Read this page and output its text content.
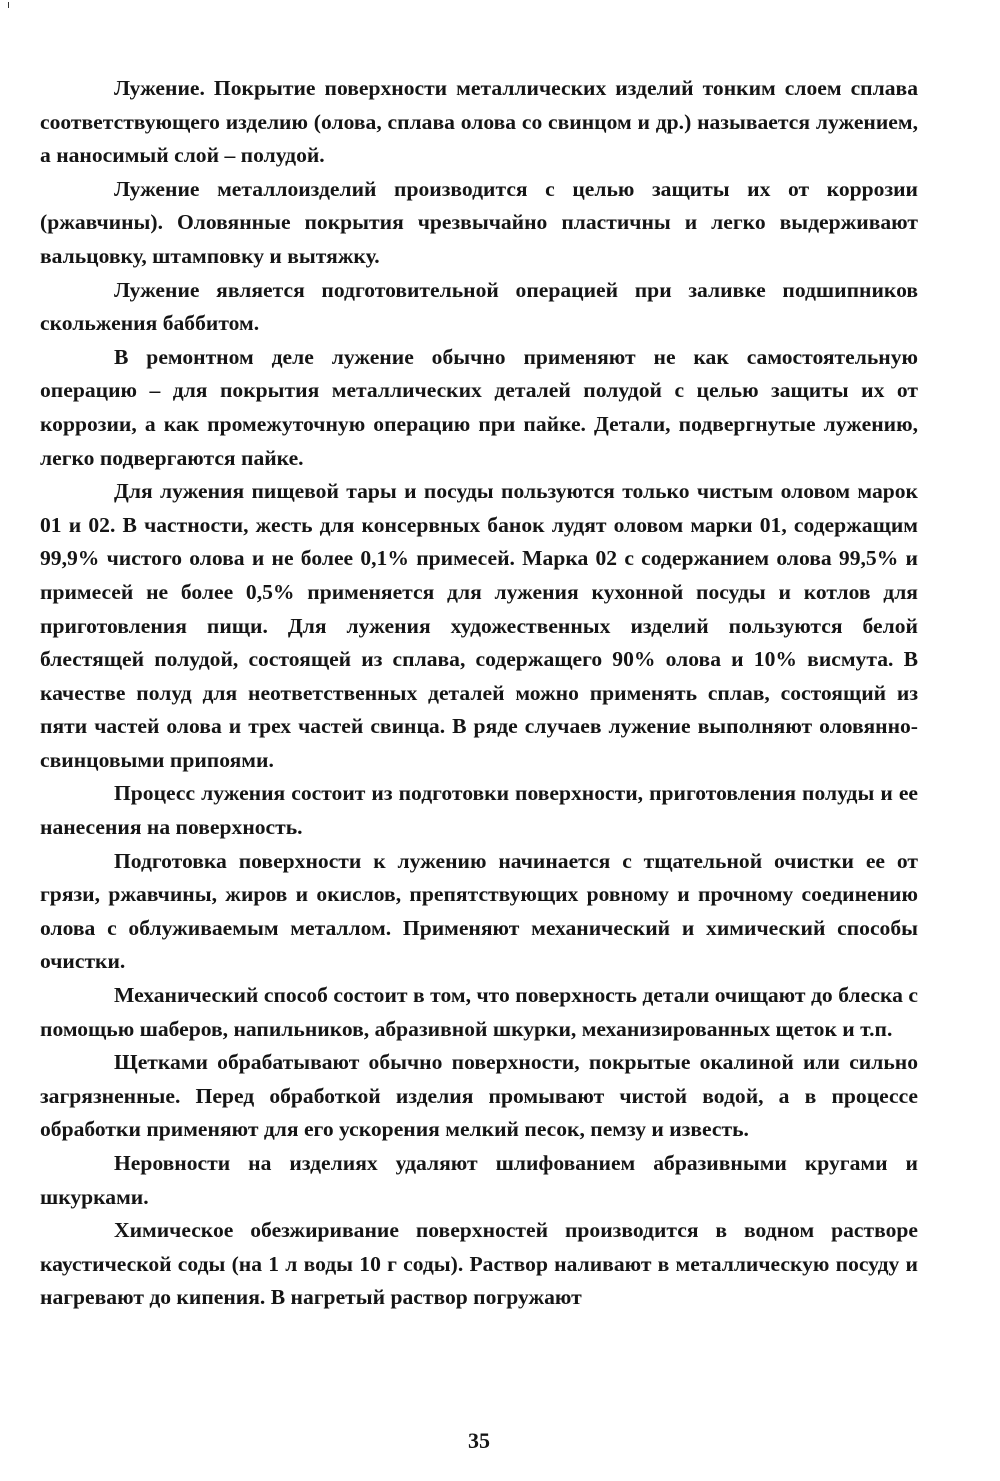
Лужение. Покрытие поверхности металлических изделий тонким слоем сплава соответствующего изделию (олова, сплава олова со свинцом и др.) называется лужением, а наносимый слой – полудой.

Лужение металлоизделий производится с целью защиты их от коррозии (ржавчины). Оловянные покрытия чрезвычайно пластичны и легко выдерживают вальцовку, штамповку и вытяжку.

Лужение является подготовительной операцией при заливке подшипников скольжения баббитом.

В ремонтном деле лужение обычно применяют не как самостоятельную операцию – для покрытия металлических деталей полудой с целью защиты их от коррозии, а как промежуточную операцию при пайке. Детали, подвергнутые лужению, легко подвергаются пайке.

Для лужения пищевой тары и посуды пользуются только чистым оловом марок 01 и 02. В частности, жесть для консервных банок лудят оловом марки 01, содержащим 99,9% чистого олова и не более 0,1% примесей. Марка 02 с содержанием олова 99,5% и примесей не более 0,5% применяется для лужения кухонной посуды и котлов для приготовления пищи. Для лужения художественных изделий пользуются белой блестящей полудой, состоящей из сплава, содержащего 90% олова и 10% висмута. В качестве полуд для неответственных деталей можно применять сплав, состоящий из пяти частей олова и трех частей свинца. В ряде случаев лужение выполняют оловянно-свинцовыми припоями.

Процесс лужения состоит из подготовки поверхности, приготовления полуды и ее нанесения на поверхность.

Подготовка поверхности к лужению начинается с тщательной очистки ее от грязи, ржавчины, жиров и окислов, препятствующих ровному и прочному соединению олова с облуживаемым металлом. Применяют механический и химический способы очистки.

Механический способ состоит в том, что поверхность детали очищают до блеска с помощью шаберов, напильников, абразивной шкурки, механизированных щеток и т.п.

Щетками обрабатывают обычно поверхности, покрытые окалиной или сильно загрязненные. Перед обработкой изделия промывают чистой водой, а в процессе обработки применяют для его ускорения мелкий песок, пемзу и известь.

Неровности на изделиях удаляют шлифованием абразивными кругами и шкурками.

Химическое обезжиривание поверхностей производится в водном растворе каустической соды (на 1 л воды 10 г соды). Раствор наливают в металлическую посуду и нагревают до кипения. В нагретый раствор погружают

35
